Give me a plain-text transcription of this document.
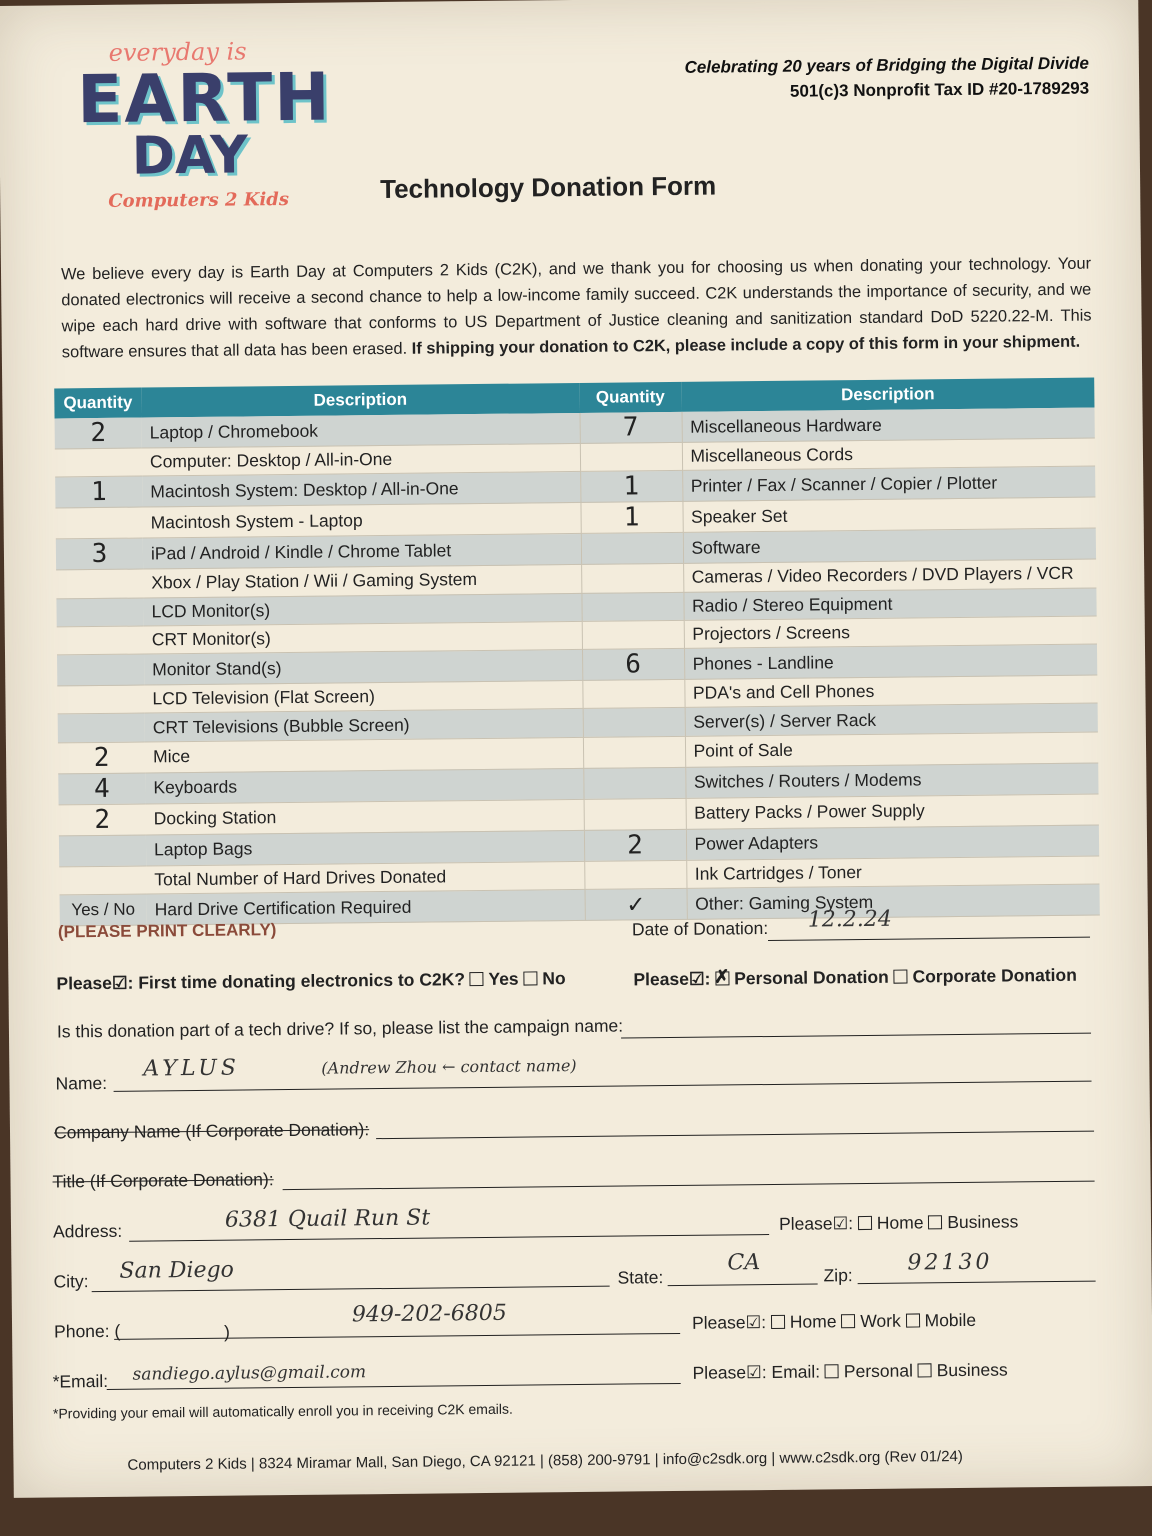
everyday is
EARTH
DAY
Computers 2 Kids
Celebrating 20 years of Bridging the Digital Divide
501(c)3 Nonprofit Tax ID #20-1789293
Technology Donation Form
We believe every day is Earth Day at Computers 2 Kids (C2K), and we thank you for choosing us when donating your technology. Your donated electronics will receive a second chance to help a low-income family succeed. C2K understands the importance of security, and we wipe each hard drive with software that conforms to US Department of Justice cleaning and sanitization standard DoD 5220.22-M. This software ensures that all data has been erased. If shipping your donation to C2K, please include a copy of this form in your shipment.
Quantity	Description	Quantity	Description
2	Laptop / Chromebook	7	Miscellaneous Hardware
	Computer: Desktop / All-in-One		Miscellaneous Cords
1	Macintosh System: Desktop / All-in-One	1	Printer / Fax / Scanner / Copier / Plotter
	Macintosh System - Laptop	1	Speaker Set
3	iPad / Android / Kindle / Chrome Tablet		Software
	Xbox / Play Station / Wii / Gaming System		Cameras / Video Recorders / DVD Players / VCR
	LCD Monitor(s)		Radio / Stereo Equipment
	CRT Monitor(s)		Projectors / Screens
	Monitor Stand(s)	6	Phones - Landline
	LCD Television (Flat Screen)		PDA's and Cell Phones
	CRT Televisions (Bubble Screen)		Server(s) / Server Rack
2	Mice		Point of Sale
4	Keyboards		Switches / Routers / Modems
2	Docking Station		Battery Packs / Power Supply
	Laptop Bags	2	Power Adapters
	Total Number of Hard Drives Donated		Ink Cartridges / Toner
Yes / No	Hard Drive Certification Required	✓	Other: Gaming System
(PLEASE PRINT CLEARLY)	Date of Donation: 12.2.24
Please☑: First time donating electronics to C2K? Yes No	Please☑: ✗ Personal Donation Corporate Donation
Is this donation part of a tech drive? If so, please list the campaign name:
Name:
AYLUS	(Andrew Zhou ← contact name)
Company Name (If Corporate Donation):
Title (If Corporate Donation):
Address:	6381 Quail Run St	Please☑: Home Business
City: San Diego	State:
CA	Zip: 92130
Phone: (	)
949-202-6805	Please☑: Home Work Mobile
*Email: sandiego.aylus@gmail.com	Please☑: Email: Personal Business
*Providing your email will automatically enroll you in receiving C2K emails.
Computers 2 Kids | 8324 Miramar Mall, San Diego, CA 92121 | (858) 200-9791 | info@c2sdk.org | www.c2sdk.org (Rev 01/24)
